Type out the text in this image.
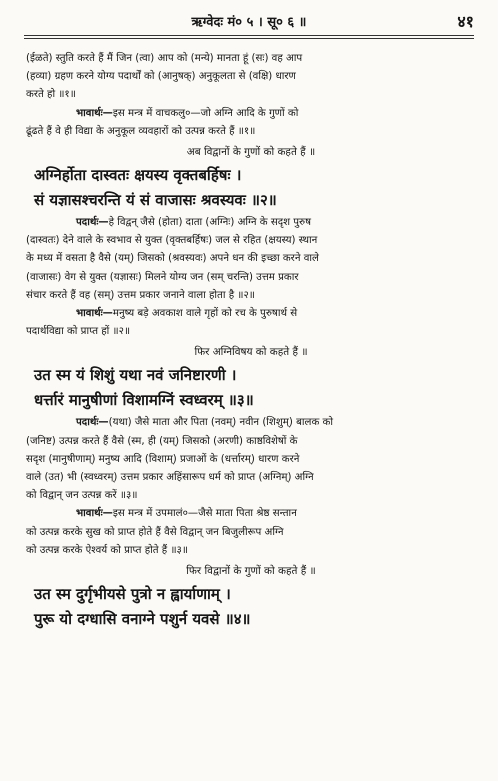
ऋग्वेदः मं० ५ । सू० ६ ॥	४१

(ईळते) स्तुति करते हैं मैं जिन (त्वा) आप को (मन्ये) मानता हूं (सः) वह आप

(हव्या) ग्रहण करने योग्य पदार्थों को (आनुषक्) अनुकूलता से (वक्षि) धारण

करते हो ॥१॥

भावार्थः—इस मन्त्र में वाचकलु०—जो अग्नि आदि के गुणों को

ढूंढते हैं वे ही विद्या के अनुकूल व्यवहारों को उत्पन्न करते हैं ॥१॥

अब विद्वानों के गुणों को कहते हैं ॥
अग्निर्होता दास्वतः क्षयस्य वृक्तबर्हिषः ।
सं यज्ञासश्चरन्ति यं सं वाजासः श्रवस्यवः ॥२॥

पदार्थः—हे विद्वन् जैसे (होता) दाता (अग्निः) अग्नि के सदृश पुरुष

(दास्वतः) देने वाले के स्वभाव से युक्त (वृक्तबर्हिषः) जल से रहित (क्षयस्य) स्थान

के मध्य में वसता है वैसे (यम्) जिसको (श्रवस्यवः) अपने धन की इच्छा करने वाले

(वाजासः) वेग से युक्त (यज्ञासः) मिलने योग्य जन (सम् चरन्ति) उत्तम प्रकार

संचार करते हैं वह (सम्) उत्तम प्रकार जनाने वाला होता है ॥२॥

भावार्थः—मनुष्य बड़े अवकाश वाले गृहों को रच के पुरुषार्थ से

पदार्थविद्या को प्राप्त हों ॥२॥

फिर अग्निविषय को कहते हैं ॥
उत स्म यं शिशुं यथा नवं जनिष्टारणी ।
धर्त्तारं मानुषीणां विशामग्निं स्वध्वरम् ॥३॥

पदार्थः—(यथा) जैसे माता और पिता (नवम्) नवीन (शिशुम्) बालक को

(जनिष्ट) उत्पन्न करते हैं वैसे (स्म, ही (यम्) जिसको (अरणी) काष्ठविशेषों के

सदृश (मानुषीणाम्) मनुष्य आदि (विशाम्) प्रजाओं के (धर्त्तारम्) धारण करने

वाले (उत) भी (स्वध्वरम्) उत्तम प्रकार अहिंसारूप धर्म को प्राप्त (अग्निम्) अग्नि

को विद्वान् जन उत्पन्न करें ॥३॥

भावार्थः—इस मन्त्र में उपमालं०—जैसे माता पिता श्रेष्ठ सन्तान

को उत्पन्न करके सुख को प्राप्त होते हैं वैसे विद्वान् जन बिजुलीरूप अग्नि

को उत्पन्न करके ऐश्वर्य को प्राप्त होते हैं ॥३॥

फिर विद्वानों के गुणों को कहते हैं ॥
उत स्म दुर्गृभीयसे पुत्रो न ह्वार्याणाम् ।
पुरू यो दग्धासि वनाग्ने पशुर्न यवसे ॥४॥
